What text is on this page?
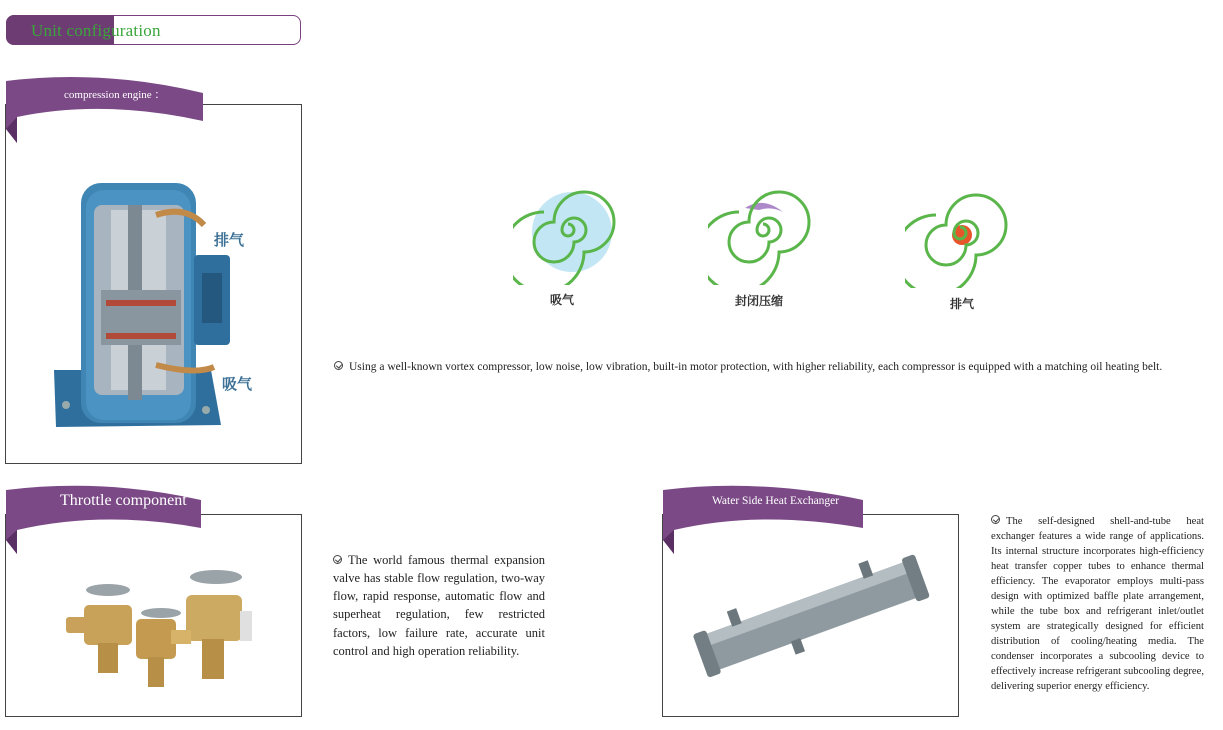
Unit configuration
排气
吸气
compression engine ：
吸气	封闭压缩	排气
Using a well-known vortex compressor, low noise, low vibration, built-in motor protection, with higher reliability, each compressor is equipped with a matching oil heating belt.
Throttle component
The world famous thermal expansion valve has stable flow regulation, two-way flow, rapid response, automatic flow and superheat regulation, few restricted factors, low failure rate, accurate unit control and high operation reliability.
Water Side Heat Exchanger
The self-designed shell-and-tube heat exchanger features a wide range of applications. Its internal structure incorporates high-efficiency heat transfer copper tubes to enhance thermal efficiency. The evaporator employs multi-pass design with optimized baffle plate arrangement, while the tube box and refrigerant inlet/outlet system are strategically designed for efficient distribution of cooling/heating media. The condenser incorporates a subcooling device to effectively increase refrigerant subcooling degree, delivering superior energy efficiency.
